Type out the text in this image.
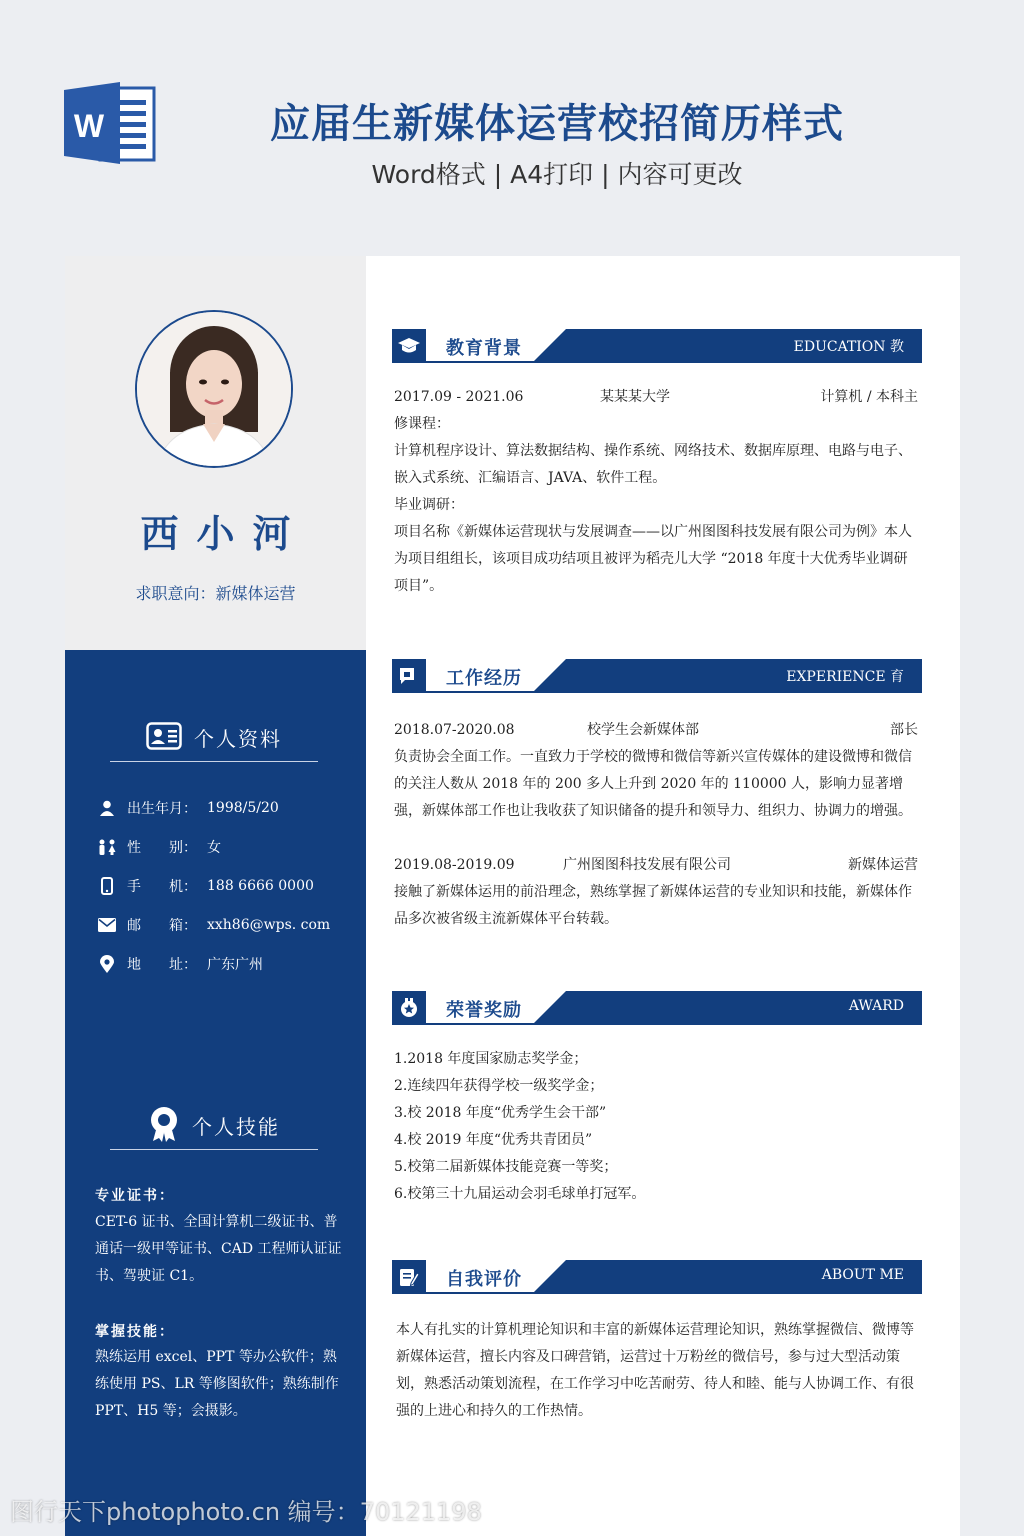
W	应届生新媒体运营校招简历样式
Word格式 | A4打印 | 内容可更改
西小河
求职意向：新媒体运营
个人资料
出生年月： 1998/5/20
性　　别： 女
手　　机： 188 6666 0000
邮　　箱： xxh86@wps. com
地　　址： 广东广州
个人技能
专业证书：
CET-6 证书、全国计算机二级证书、普通话一级甲等证书、CAD 工程师认证证书、驾驶证 C1。
掌握技能：
熟练运用 excel、PPT 等办公软件；熟练使用 PS、LR 等修图软件；熟练制作 PPT、H5 等；会摄影。
教育背景	EDUCATION 教
2017.09 - 2021.06	某某某大学	计算机 / 本科主
修课程：
计算机程序设计、算法数据结构、操作系统、网络技术、数据库原理、电路与电子、嵌入式系统、汇编语言、JAVA、软件工程。
毕业调研：
项目名称《新媒体运营现状与发展调查——以广州图图科技发展有限公司为例》本人为项目组组长，该项目成功结项且被评为稻壳儿大学 “2018 年度十大优秀毕业调研项目”。
工作经历	EXPERIENCE 育
2018.07-2020.08	校学生会新媒体部	部长
负责协会全面工作。一直致力于学校的微博和微信等新兴宣传媒体的建设微博和微信的关注人数从 2018 年的 200 多人上升到 2020 年的 110000 人，影响力显著增强，新媒体部工作也让我收获了知识储备的提升和领导力、组织力、协调力的增强。
2019.08-2019.09	广州图图科技发展有限公司	新媒体运营
接触了新媒体运用的前沿理念，熟练掌握了新媒体运营的专业知识和技能，新媒体作品多次被省级主流新媒体平台转载。
荣誉奖励	AWARD
1.2018 年度国家励志奖学金；
2.连续四年获得学校一级奖学金；
3.校 2018 年度“优秀学生会干部”
4.校 2019 年度“优秀共青团员”
5.校第二届新媒体技能竞赛一等奖；
6.校第三十九届运动会羽毛球单打冠军。
自我评价	ABOUT ME
本人有扎实的计算机理论知识和丰富的新媒体运营理论知识，熟练掌握微信、微博等新媒体运营，擅长内容及口碑营销，运营过十万粉丝的微信号，参与过大型活动策划，熟悉活动策划流程，在工作学习中吃苦耐劳、待人和睦、能与人协调工作、有很强的上进心和持久的工作热情。
图行天下photophoto.cn 编号：70121198
